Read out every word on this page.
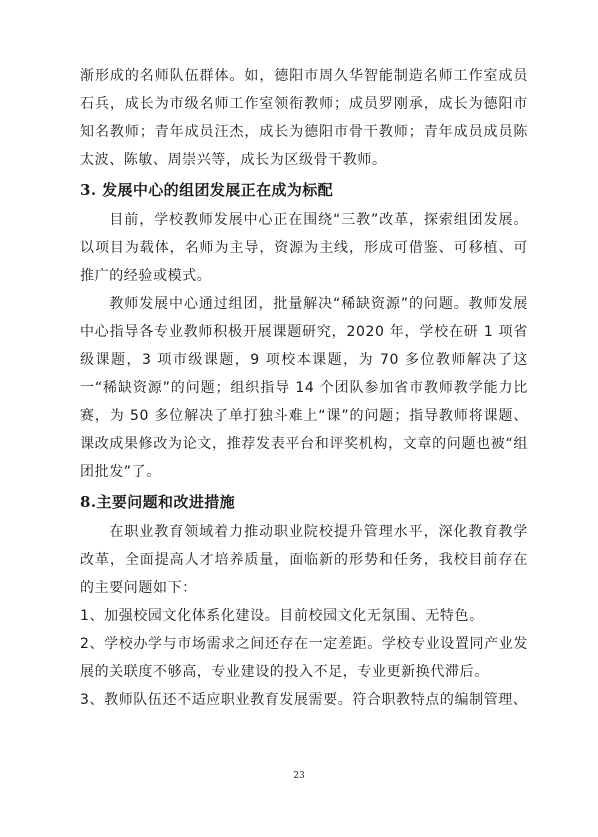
渐形成的名师队伍群体。如，德阳市周久华智能制造名师工作室成员石兵，成长为市级名师工作室领衔教师；成员罗刚承，成长为德阳市知名教师；青年成员汪杰，成长为德阳市骨干教师；青年成员成员陈太波、陈敏、周崇兴等，成长为区级骨干教师。

3. 发展中心的组团发展正在成为标配

目前，学校教师发展中心正在围绕“三教”改革，探索组团发展。以项目为载体，名师为主导，资源为主线，形成可借鉴、可移植、可推广的经验或模式。

教师发展中心通过组团，批量解决“稀缺资源”的问题。教师发展中心指导各专业教师积极开展课题研究，2020 年，学校在研 1 项省级课题，3 项市级课题，9 项校本课题，为 70 多位教师解决了这一“稀缺资源”的问题；组织指导 14 个团队参加省市教师教学能力比赛，为 50 多位解决了单打独斗难上“课”的问题；指导教师将课题、课改成果修改为论文，推荐发表平台和评奖机构，文章的问题也被“组团批发”了。

8.主要问题和改进措施

在职业教育领域着力推动职业院校提升管理水平，深化教育教学改革，全面提高人才培养质量，面临新的形势和任务，我校目前存在的主要问题如下：

1、加强校园文化体系化建设。目前校园文化无氛围、无特色。

2、学校办学与市场需求之间还存在一定差距。学校专业设置同产业发展的关联度不够高，专业建设的投入不足，专业更新换代滞后。

3、教师队伍还不适应职业教育发展需要。符合职教特点的编制管理、

23
